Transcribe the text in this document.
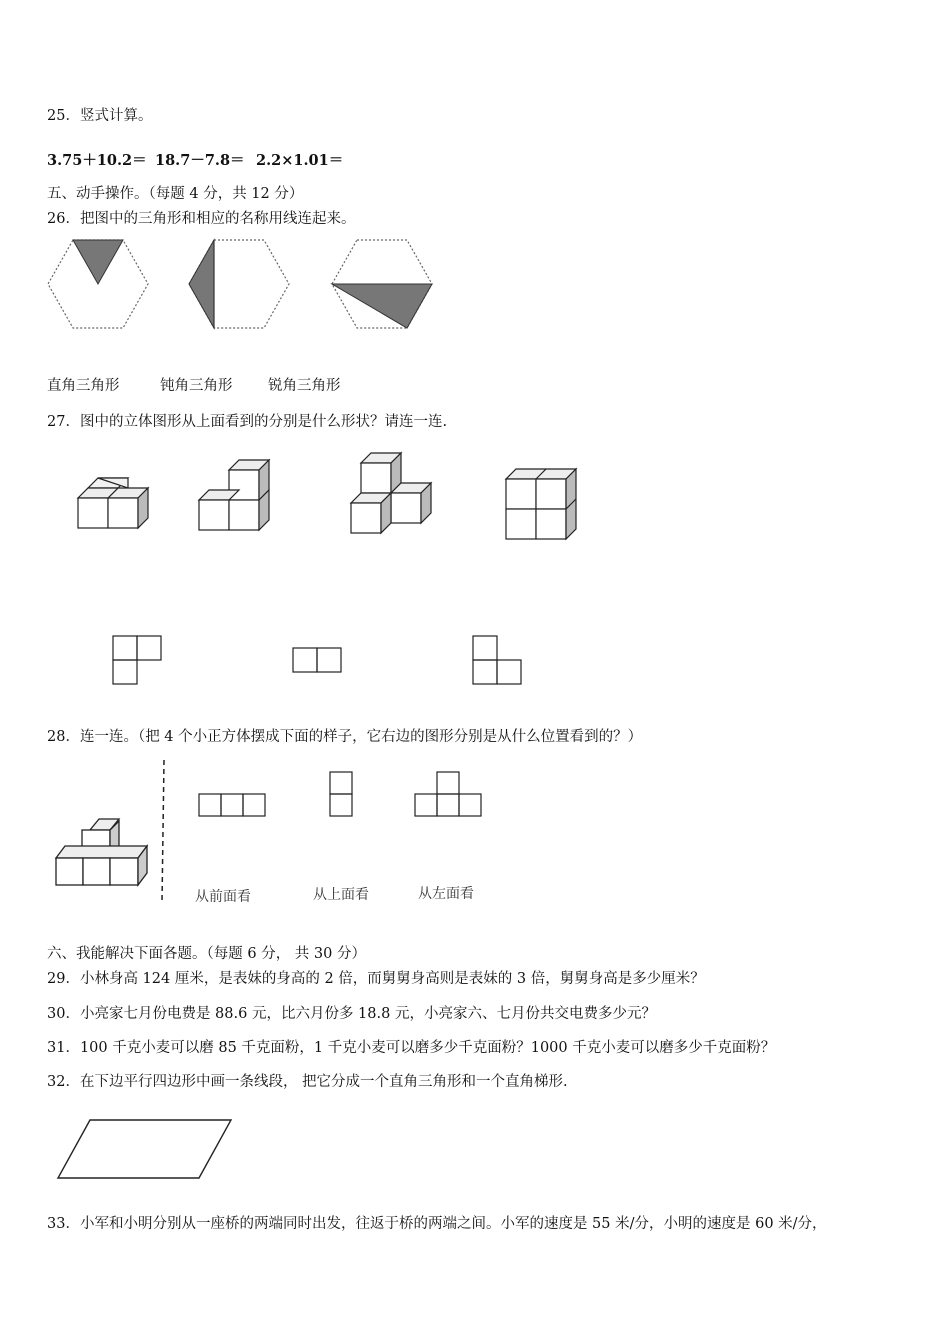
25．竖式计算。
3.75＋10.2＝ 18.7－7.8＝ 2.2×1.01＝
五、动手操作。（每题 4 分，共 12 分）
26．把图中的三角形和相应的名称用线连起来。
直角三角形	钝角三角形 锐角三角形
27．图中的立体图形从上面看到的分别是什么形状？请连一连.
28．连一连。（把 4 个小正方体摆成下面的样子，它右边的图形分别是从什么位置看到的？）
从前面看	从上面看	从左面看
六、我能解决下面各题。（每题 6 分， 共 30 分）
29．小林身高 124 厘米，是表妹的身高的 2 倍，而舅舅身高则是表妹的 3 倍，舅舅身高是多少厘米？
30．小亮家七月份电费是 88.6 元，比六月份多 18.8 元，小亮家六、七月份共交电费多少元？
31．100 千克小麦可以磨 85 千克面粉，1 千克小麦可以磨多少千克面粉？1000 千克小麦可以磨多少千克面粉？
32．在下边平行四边形中画一条线段， 把它分成一个直角三角形和一个直角梯形.
33．小军和小明分别从一座桥的两端同时出发，往返于桥的两端之间。小军的速度是 55 米/分，小明的速度是 60 米/分，
